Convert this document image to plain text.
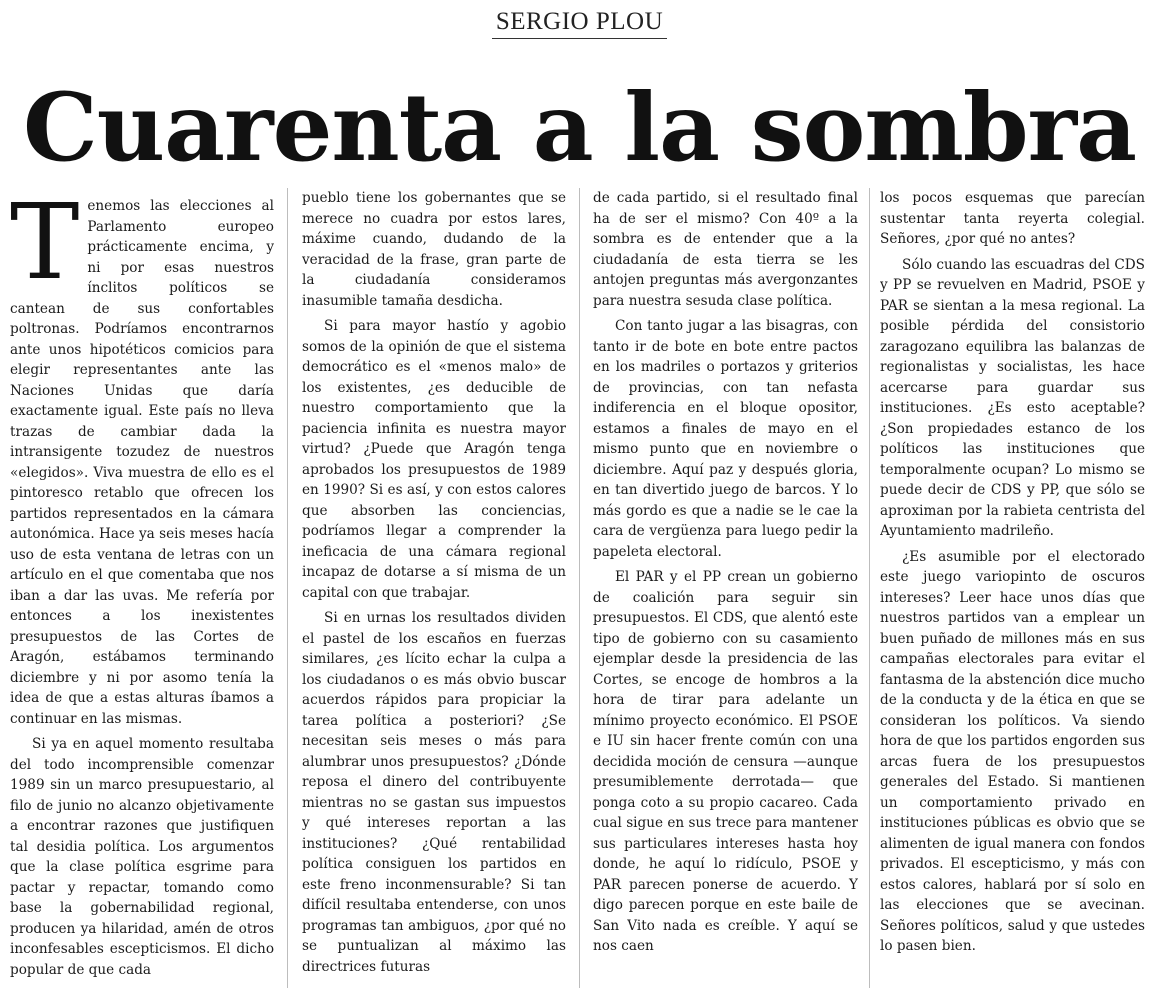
SERGIO PLOU
Cuarenta a la sombra

Tenemos las elecciones al Parlamento europeo prácticamente encima, y ni por esas nuestros ínclitos políticos se cantean de sus confortables poltronas. Podríamos encontrarnos ante unos hipotéticos comicios para elegir representantes ante las Naciones Unidas que daría exactamente igual. Este país no lleva trazas de cambiar dada la intransigente tozudez de nuestros «elegidos». Viva muestra de ello es el pintoresco retablo que ofrecen los partidos representados en la cámara autonómica. Hace ya seis meses hacía uso de esta ventana de letras con un artículo en el que comentaba que nos iban a dar las uvas. Me refería por entonces a los inexistentes presupuestos de las Cortes de Aragón, estábamos terminando diciembre y ni por asomo tenía la idea de que a estas alturas íbamos a continuar en las mismas.

Si ya en aquel momento resultaba del todo incomprensible comenzar 1989 sin un marco presupuestario, al filo de junio no alcanzo objetivamente a encontrar razones que justifiquen tal desidia política. Los argumentos que la clase política esgrime para pactar y repactar, tomando como base la gobernabilidad regional, producen ya hilaridad, amén de otros inconfesables escepticismos. El dicho popular de que cada

pueblo tiene los gobernantes que se merece no cuadra por estos lares, máxime cuando, dudando de la veracidad de la frase, gran parte de la ciudadanía consideramos inasumible tamaña desdicha.

Si para mayor hastío y agobio somos de la opinión de que el sistema democrático es el «menos malo» de los existentes, ¿es deducible de nuestro comportamiento que la paciencia infinita es nuestra mayor virtud? ¿Puede que Aragón tenga aprobados los presupuestos de 1989 en 1990? Si es así, y con estos calores que absorben las conciencias, podríamos llegar a comprender la ineficacia de una cámara regional incapaz de dotarse a sí misma de un capital con que trabajar.

Si en urnas los resultados dividen el pastel de los escaños en fuerzas similares, ¿es lícito echar la culpa a los ciudadanos o es más obvio buscar acuerdos rápidos para propiciar la tarea política a posteriori? ¿Se necesitan seis meses o más para alumbrar unos presupuestos? ¿Dónde reposa el dinero del contribuyente mientras no se gastan sus impuestos y qué intereses reportan a las instituciones? ¿Qué rentabilidad política consiguen los partidos en este freno inconmensurable? Si tan difícil resultaba entenderse, con unos programas tan ambiguos, ¿por qué no se puntualizan al máximo las directrices futuras

de cada partido, si el resultado final ha de ser el mismo? Con 40º a la sombra es de entender que a la ciudadanía de esta tierra se les antojen preguntas más avergonzantes para nuestra sesuda clase política.

Con tanto jugar a las bisagras, con tanto ir de bote en bote entre pactos en los madriles o portazos y griterios de provincias, con tan nefasta indiferencia en el bloque opositor, estamos a finales de mayo en el mismo punto que en noviembre o diciembre. Aquí paz y después gloria, en tan divertido juego de barcos. Y lo más gordo es que a nadie se le cae la cara de vergüenza para luego pedir la papeleta electoral.

El PAR y el PP crean un gobierno de coalición para seguir sin presupuestos. El CDS, que alentó este tipo de gobierno con su casamiento ejemplar desde la presidencia de las Cortes, se encoge de hombros a la hora de tirar para adelante un mínimo proyecto económico. El PSOE e IU sin hacer frente común con una decidida moción de censura —aunque presumiblemente derrotada— que ponga coto a su propio cacareo. Cada cual sigue en sus trece para mantener sus particulares intereses hasta hoy donde, he aquí lo ridículo, PSOE y PAR parecen ponerse de acuerdo. Y digo parecen porque en este baile de San Vito nada es creíble. Y aquí se nos caen

los pocos esquemas que parecían sustentar tanta reyerta colegial. Señores, ¿por qué no antes?

Sólo cuando las escuadras del CDS y PP se revuelven en Madrid, PSOE y PAR se sientan a la mesa regional. La posible pérdida del consistorio zaragozano equilibra las balanzas de regionalistas y socialistas, les hace acercarse para guardar sus instituciones. ¿Es esto aceptable? ¿Son propiedades estanco de los políticos las instituciones que temporalmente ocupan? Lo mismo se puede decir de CDS y PP, que sólo se aproximan por la rabieta centrista del Ayuntamiento madrileño.

¿Es asumible por el electorado este juego variopinto de oscuros intereses? Leer hace unos días que nuestros partidos van a emplear un buen puñado de millones más en sus campañas electorales para evitar el fantasma de la abstención dice mucho de la conducta y de la ética en que se consideran los políticos. Va siendo hora de que los partidos engorden sus arcas fuera de los presupuestos generales del Estado. Si mantienen un comportamiento privado en instituciones públicas es obvio que se alimenten de igual manera con fondos privados. El escepticismo, y más con estos calores, hablará por sí solo en las elecciones que se avecinan. Señores políticos, salud y que ustedes lo pasen bien.
